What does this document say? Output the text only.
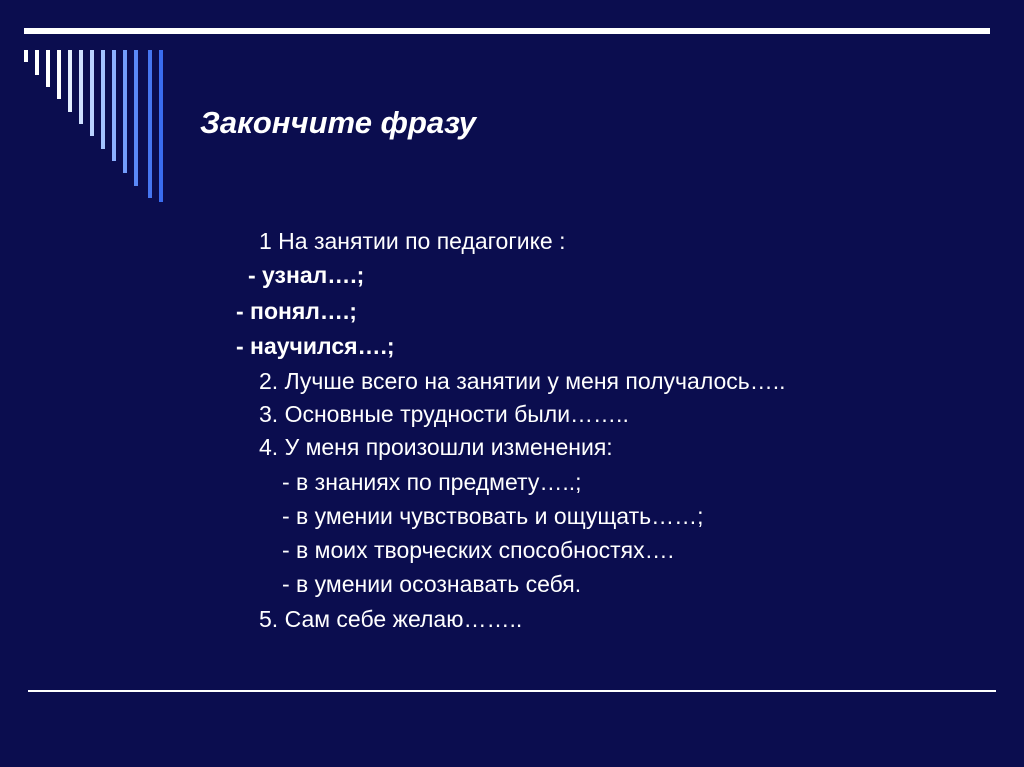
Закончите фразу

1 На занятии по педагогике :

- узнал….;

- понял….;

- научился….;

2. Лучше всего на занятии у меня получалось…..

3. Основные трудности были……..

4. У меня произошли изменения:

- в знаниях по предмету…..;

- в умении чувствовать и ощущать……;

- в моих творческих способностях….

- в умении осознавать себя.

5. Сам себе желаю……..
